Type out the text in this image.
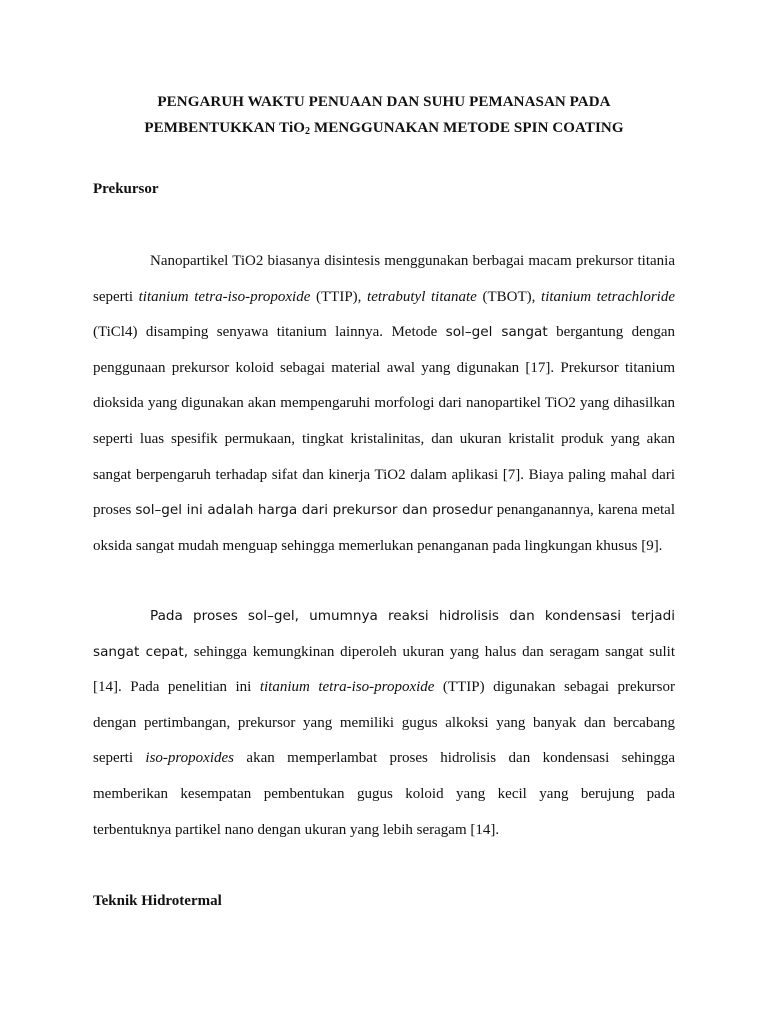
PENGARUH WAKTU PENUAAN DAN SUHU PEMANASAN PADA
PEMBENTUKKAN TiO$_2$ MENGGUNAKAN METODE SPIN COATING
Prekursor

Nanopartikel TiO2 biasanya disintesis menggunakan berbagai macam prekursor titania seperti titanium tetra-iso-propoxide (TTIP), tetrabutyl titanate (TBOT), titanium tetrachloride (TiCl4) disamping senyawa titanium lainnya. Metode sol–gel sangat bergantung dengan penggunaan prekursor koloid sebagai material awal yang digunakan [17]. Prekursor titanium dioksida yang digunakan akan mempengaruhi morfologi dari nanopartikel TiO2 yang dihasilkan seperti luas spesifik permukaan, tingkat kristalinitas, dan ukuran kristalit produk yang akan sangat berpengaruh terhadap sifat dan kinerja TiO2 dalam aplikasi [7]. Biaya paling mahal dari proses sol–gel ini adalah harga dari prekursor dan prosedur penanganannya, karena metal oksida sangat mudah menguap sehingga memerlukan penanganan pada lingkungan khusus [9].

Pada proses sol–gel, umumnya reaksi hidrolisis dan kondensasi terjadi sangat cepat, sehingga kemungkinan diperoleh ukuran yang halus dan seragam sangat sulit [14]. Pada penelitian ini titanium tetra-iso-propoxide (TTIP) digunakan sebagai prekursor dengan pertimbangan, prekursor yang memiliki gugus alkoksi yang banyak dan bercabang seperti iso-propoxides akan memperlambat proses hidrolisis dan kondensasi sehingga memberikan kesempatan pembentukan gugus koloid yang kecil yang berujung pada terbentuknya partikel nano dengan ukuran yang lebih seragam [14].

Teknik Hidrotermal
